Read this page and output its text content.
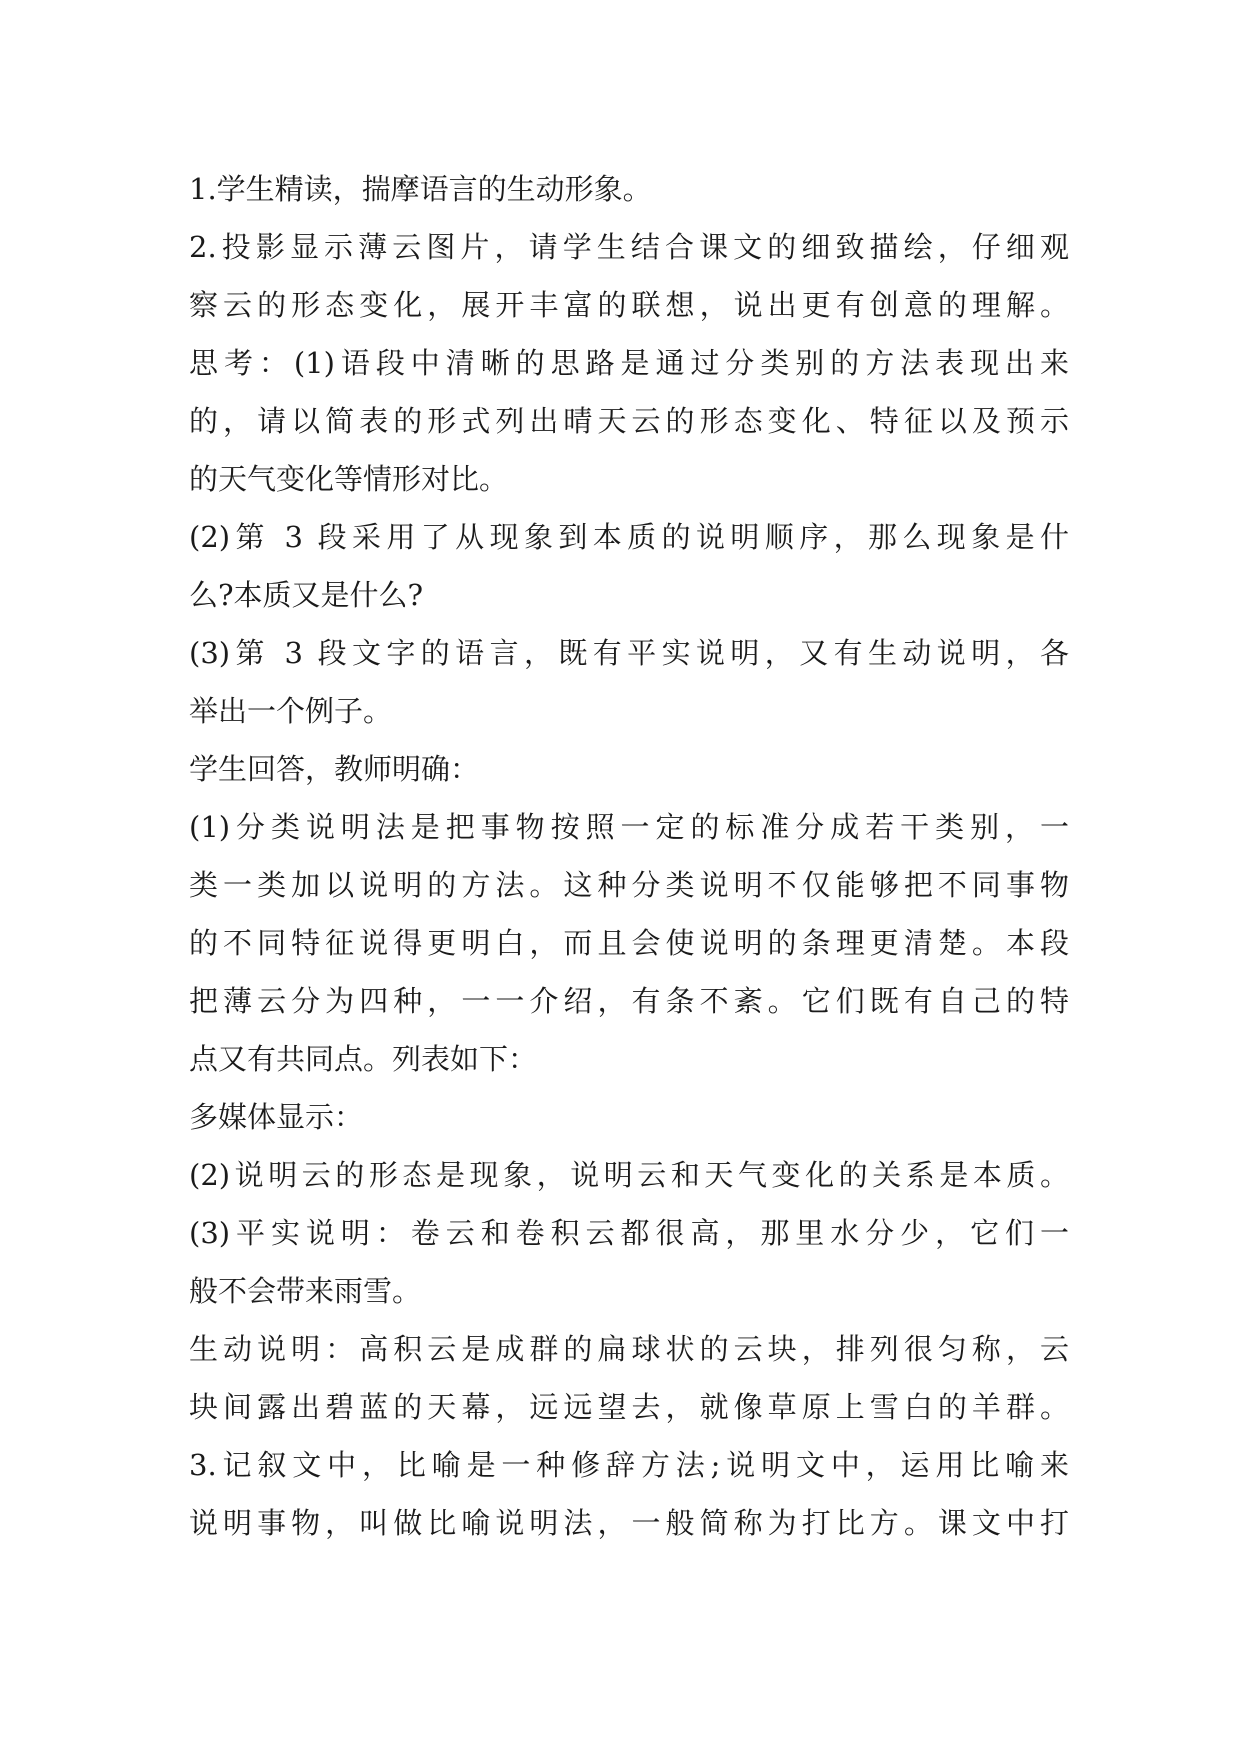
1.学生精读，揣摩语言的生动形象。
2.投影显示薄云图片，请学生结合课文的细致描绘，仔细观
察云的形态变化，展开丰富的联想，说出更有创意的理解。
思考：(1)语段中清晰的思路是通过分类别的方法表现出来
的，请以简表的形式列出晴天云的形态变化、特征以及预示
的天气变化等情形对比。
(2)第 3 段采用了从现象到本质的说明顺序，那么现象是什
么?本质又是什么?
(3)第 3 段文字的语言，既有平实说明，又有生动说明，各
举出一个例子。
学生回答，教师明确：
(1)分类说明法是把事物按照一定的标准分成若干类别，一
类一类加以说明的方法。这种分类说明不仅能够把不同事物
的不同特征说得更明白，而且会使说明的条理更清楚。本段
把薄云分为四种，一一介绍，有条不紊。它们既有自己的特
点又有共同点。列表如下：
多媒体显示：
(2)说明云的形态是现象，说明云和天气变化的关系是本质。
(3)平实说明：卷云和卷积云都很高，那里水分少，它们一
般不会带来雨雪。
生动说明：高积云是成群的扁球状的云块，排列很匀称，云
块间露出碧蓝的天幕，远远望去，就像草原上雪白的羊群。
3.记叙文中，比喻是一种修辞方法;说明文中，运用比喻来
说明事物，叫做比喻说明法，一般简称为打比方。课文中打
